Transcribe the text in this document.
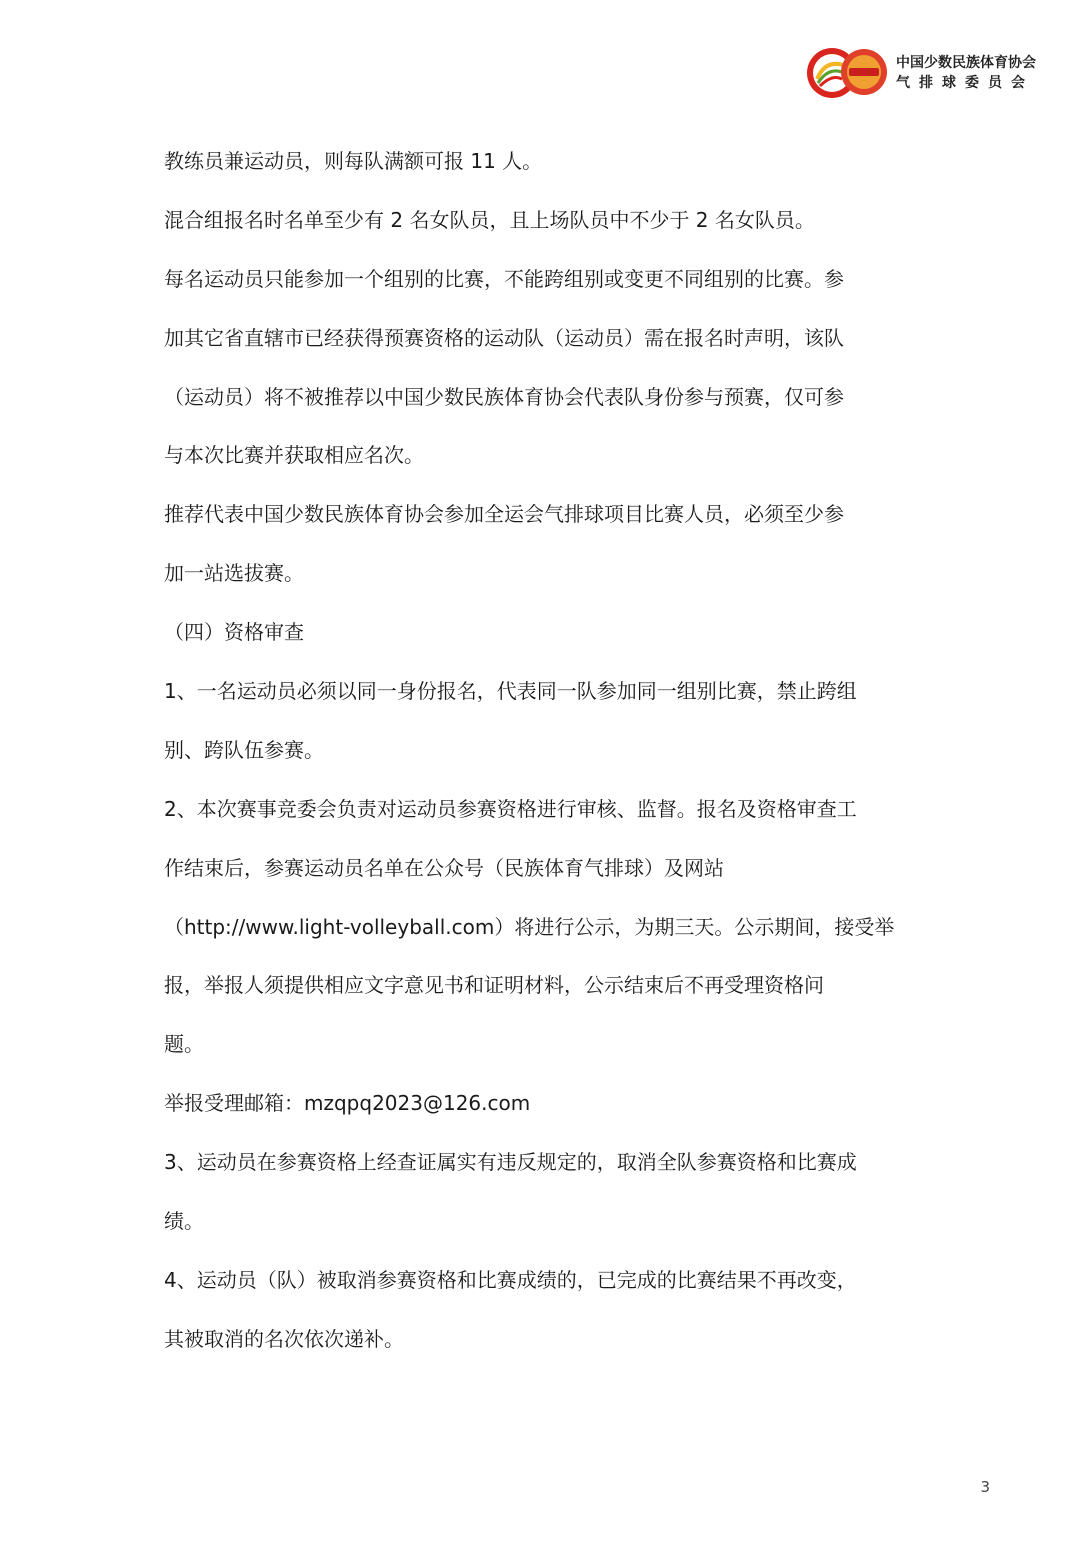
中国少数民族体育协会
气排球委员会
教练员兼运动员，则每队满额可报 11 人。
混合组报名时名单至少有 2 名女队员，且上场队员中不少于 2 名女队员。
每名运动员只能参加一个组别的比赛，不能跨组别或变更不同组别的比赛。参
加其它省直辖市已经获得预赛资格的运动队（运动员）需在报名时声明，该队
（运动员）将不被推荐以中国少数民族体育协会代表队身份参与预赛，仅可参
与本次比赛并获取相应名次。
推荐代表中国少数民族体育协会参加全运会气排球项目比赛人员，必须至少参
加一站选拔赛。
（四）资格审查
1、一名运动员必须以同一身份报名，代表同一队参加同一组别比赛，禁止跨组
别、跨队伍参赛。
2、本次赛事竞委会负责对运动员参赛资格进行审核、监督。报名及资格审查工
作结束后，参赛运动员名单在公众号（民族体育气排球）及网站
（http://www.light-volleyball.com）将进行公示，为期三天。公示期间，接受举
报，举报人须提供相应文字意见书和证明材料，公示结束后不再受理资格问
题。
举报受理邮箱：mzqpq2023@126.com
3、运动员在参赛资格上经查证属实有违反规定的，取消全队参赛资格和比赛成
绩。
4、运动员（队）被取消参赛资格和比赛成绩的，已完成的比赛结果不再改变，
其被取消的名次依次递补。
3
